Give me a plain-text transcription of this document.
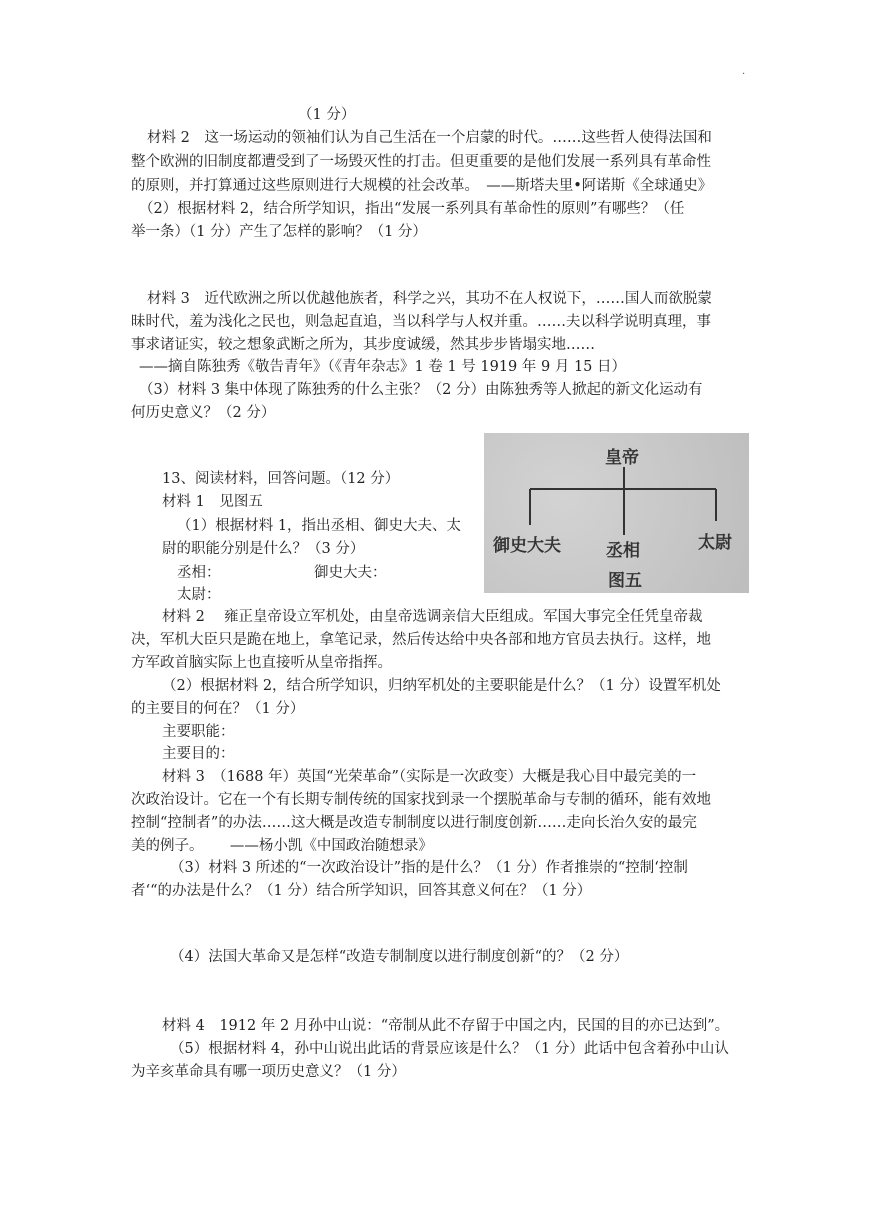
.
（1 分）
材料 2　这一场运动的领袖们认为自己生活在一个启蒙的时代。……这些哲人使得法国和
整个欧洲的旧制度都遭受到了一场毁灭性的打击。但更重要的是他们发展一系列具有革命性
的原则，并打算通过这些原则进行大规模的社会改革。　——斯塔夫里•阿诺斯《全球通史》
（2）根据材料 2，结合所学知识，指出“发展一系列具有革命性的原则”有哪些？（任
举一条）（1 分）产生了怎样的影响？（1 分）
材料 3　近代欧洲之所以优越他族者，科学之兴，其功不在人权说下，……国人而欲脱蒙
昧时代，羞为浅化之民也，则急起直追，当以科学与人权并重。……夫以科学说明真理，事
事求诸证实，较之想象武断之所为，其步度诚缓，然其步步皆塌实地……
——摘自陈独秀《敬告青年》（《青年杂志》1 卷 1 号 1919 年 9 月 15 日）
（3）材料 3 集中体现了陈独秀的什么主张？（2 分）由陈独秀等人掀起的新文化运动有
何历史意义？（2 分）
13、阅读材料，回答问题。（12 分）
材料 1　见图五
（1）根据材料 1，指出丞相、御史大夫、太
尉的职能分别是什么？（3 分）
丞相：	御史大夫：
太尉：
材料 2　 雍正皇帝设立军机处，由皇帝选调亲信大臣组成。军国大事完全任凭皇帝裁
决，军机大臣只是跪在地上，拿笔记录，然后传达给中央各部和地方官员去执行。这样，地
方军政首脑实际上也直接听从皇帝指挥。
（2）根据材料 2，结合所学知识，归纳军机处的主要职能是什么？（1 分）设置军机处
的主要目的何在？（1 分）
主要职能：
主要目的：
材料 3　（1688 年）英国“光荣革命”（实际是一次政变）大概是我心目中最完美的一
次政治设计。它在一个有长期专制传统的国家找到录一个摆脱革命与专制的循环，能有效地
控制“控制者”的办法……这大概是改造专制制度以进行制度创新……走向长治久安的最完
美的例子。　　 ——杨小凯《中国政治随想录》
（3）材料 3 所述的“一次政治设计”指的是什么？（1 分）作者推崇的“控制‘控制
者‘“的办法是什么？（1 分）结合所学知识，回答其意义何在？（1 分）
（4）法国大革命又是怎样“改造专制制度以进行制度创新“的？（2 分）
材料 4　1912 年 2 月孙中山说：“帝制从此不存留于中国之内，民国的目的亦已达到”。
（5）根据材料 4，孙中山说出此话的背景应该是什么？（1 分）此话中包含着孙中山认
为辛亥革命具有哪一项历史意义？（1 分）
皇帝
御史大夫	丞相	太尉
图五
